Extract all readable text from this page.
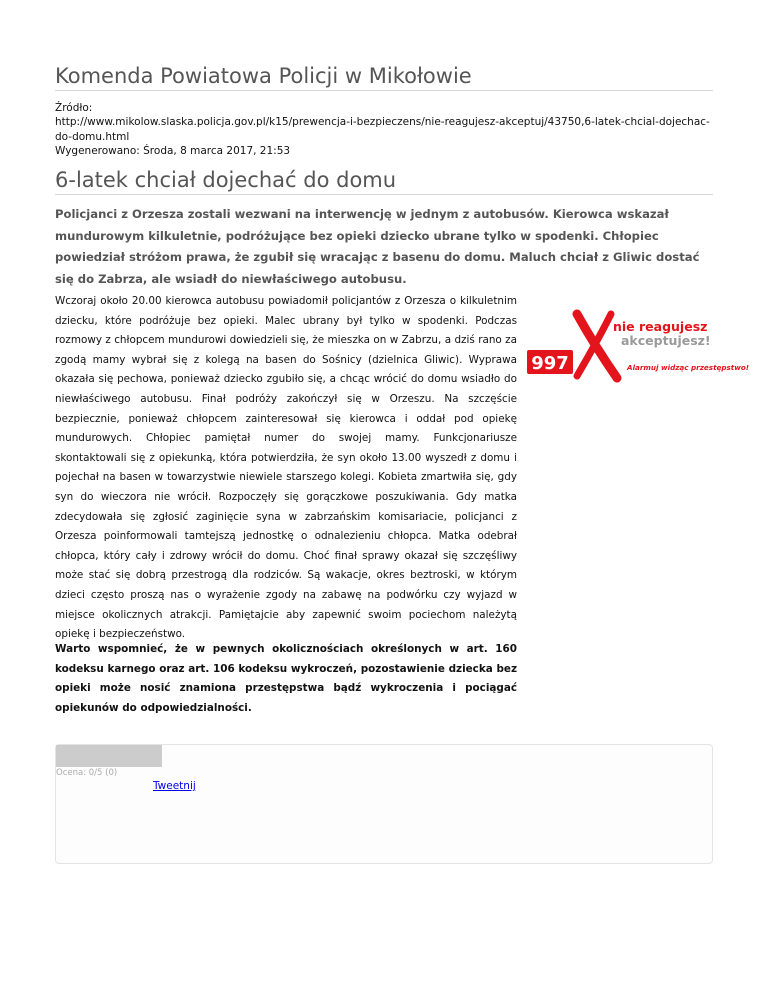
Komenda Powiatowa Policji w Mikołowie
Źródło:
http://www.mikolow.slaska.policja.gov.pl/k15/prewencja-i-bezpieczens/nie-reagujesz-akceptuj/43750,6-latek-chcial-dojechac-
do-domu.html
Wygenerowano: Środa, 8 marca 2017, 21:53
6-latek chciał dojechać do domu
Policjanci z Orzesza zostali wezwani na interwencję w jednym z autobusów. Kierowca wskazał mundurowym kilkuletnie, podróżujące bez opieki dziecko ubrane tylko w spodenki. Chłopiec powiedział stróżom prawa, że zgubił się wracając z basenu do domu. Maluch chciał z Gliwic dostać się do Zabrza, ale wsiadł do niewłaściwego autobusu.
Wczoraj około 20.00 kierowca autobusu powiadomił policjantów z Orzesza o kilkuletnim dziecku, które podróżuje bez opieki. Malec ubrany był tylko w spodenki. Podczas rozmowy z chłopcem mundurowi dowiedzieli się, że mieszka on w Zabrzu, a dziś rano za zgodą mamy wybrał się z kolegą na basen do Sośnicy (dzielnica Gliwic). Wyprawa okazała się pechowa, ponieważ dziecko zgubiło się, a chcąc wrócić do domu wsiadło do niewłaściwego autobusu. Finał podróży zakończył się w Orzeszu. Na szczęście bezpiecznie, ponieważ chłopcem zainteresował się kierowca i oddał pod opiekę mundurowych. Chłopiec pamiętał numer do swojej mamy. Funkcjonariusze skontaktowali się z opiekunką, która potwierdziła, że syn około 13.00 wyszedł z domu i pojechał na basen w towarzystwie niewiele starszego kolegi. Kobieta zmartwiła się, gdy syn do wieczora nie wrócił. Rozpoczęły się gorączkowe poszukiwania. Gdy matka zdecydowała się zgłosić zaginięcie syna w zabrzańskim komisariacie, policjanci z Orzesza poinformowali tamtejszą jednostkę o odnalezieniu chłopca. Matka odebrał chłopca, który cały i zdrowy wrócił do domu. Choć finał sprawy okazał się szczęśliwy może stać się dobrą przestrogą dla rodziców. Są wakacje, okres beztroski, w którym dzieci często proszą nas o wyrażenie zgody na zabawę na podwórku czy wyjazd w miejsce okolicznych atrakcji. Pamiętajcie aby zapewnić swoim pociechom należytą opiekę i bezpieczeństwo.
997
nie reagujesz
akceptujesz!
Alarmuj widząc przestępstwo!
Warto wspomnieć, że w pewnych okolicznościach określonych w art. 160 kodeksu karnego oraz art. 106 kodeksu wykroczeń, pozostawienie dziecka bez opieki może nosić znamiona przestępstwa bądź wykroczenia i pociągać opiekunów do odpowiedzialności.
Ocena: 0/5 (0)
Tweetnij
